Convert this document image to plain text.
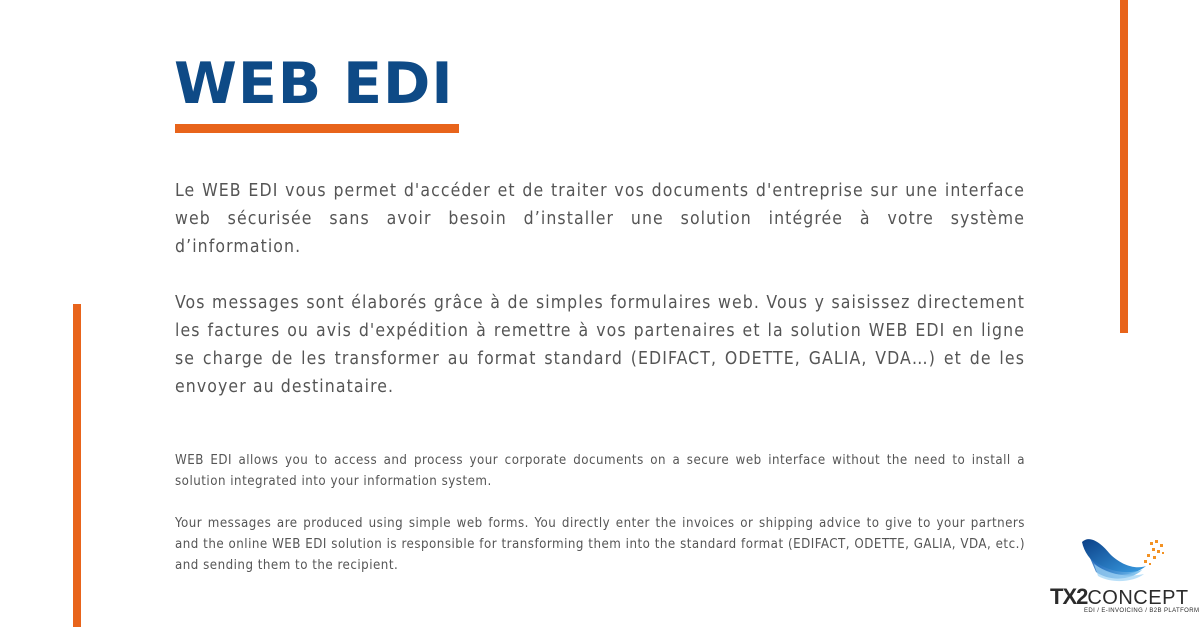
WEB EDI

Le WEB EDI vous permet d'accéder et de traiter vos documents d'entreprise sur une interface web sécurisée sans avoir besoin d’installer une solution intégrée à votre système d’information.

Vos messages sont élaborés grâce à de simples formulaires web. Vous y saisissez directement les factures ou avis d'expédition à remettre à vos partenaires et la solution WEB EDI en ligne se charge de les transformer au format standard (EDIFACT, ODETTE, GALIA, VDA…) et de les envoyer au destinataire.

WEB EDI allows you to access and process your corporate documents on a secure web interface without the need to install a solution integrated into your information system.

Your messages are produced using simple web forms. You directly enter the invoices or shipping advice to give to your partners and the online WEB EDI solution is responsible for transforming them into the standard format (EDIFACT, ODETTE, GALIA, VDA, etc.) and sending them to the recipient.

TX2CONCEPT
EDI / E-INVOICING / B2B PLATFORM
